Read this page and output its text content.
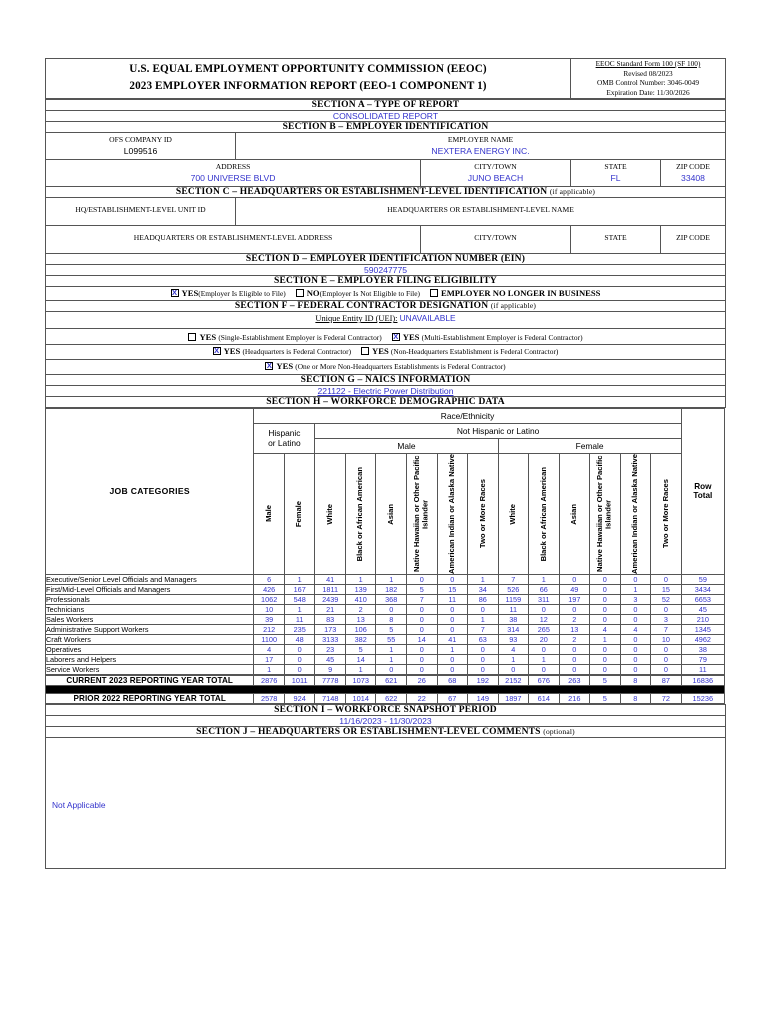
U.S. EQUAL EMPLOYMENT OPPORTUNITY COMMISSION (EEOC)
2023 EMPLOYER INFORMATION REPORT (EEO-1 COMPONENT 1)

EEOC Standard Form 100 (SF 100)
Revised 08/2023
OMB Control Number: 3046-0049
Expiration Date: 11/30/2026
SECTION A – TYPE OF REPORT				
CONSOLIDATED REPORT				
SECTION B – EMPLOYER IDENTIFICATION				

OFS COMPANY ID
L099516

EMPLOYER NAME
NEXTERA ENERGY INC.

ADDRESS
700 UNIVERSE BLVD

CITY/TOWN
JUNO BEACH

STATE
FL

ZIP CODE
33408

SECTION C – HEADQUARTERS OR ESTABLISHMENT-LEVEL IDENTIFICATION (if applicable)				

HQ/ESTABLISHMENT-LEVEL UNIT ID	HEADQUARTERS OR ESTABLISHMENT-LEVEL NAME			

HEADQUARTERS OR ESTABLISHMENT-LEVEL ADDRESS		CITY/TOWN	STATE	ZIP CODE

SECTION D – EMPLOYER IDENTIFICATION NUMBER (EIN)				
590247775				
SECTION E – EMPLOYER FILING ELIGIBILITY				
XYES(Employer Is Eligible to File) NO(Employer Is Not Eligible to File) EMPLOYER NO LONGER IN BUSINESS
SECTION F – FEDERAL CONTRACTOR DESIGNATION (if applicable)				
Unique Entity ID (UEI): UNAVAILABLE				
YES (Single-Establishment Employer is Federal Contractor) X YES (Multi-Establishment Employer is Federal Contractor)
XYES (Headquarters is Federal Contractor) YES (Non-Headquarters Establishment is Federal Contractor)
XYES (One or More Non-Headquarters Establishments is Federal Contractor)
SECTION G – NAICS INFORMATION				
221122 - Electric Power Distribution				
SECTION H – WORKFORCE DEMOGRAPHIC DATA				
JOB CATEGORIES	Race/Ethnicity														Row
Total
	Hispanic
or Latino		Not Hispanic or Latino												
			Male						Female						

	Male	Female	White	Black or African American	Asian	Native Hawaiian or Other Pacific Islander	American Indian or Alaska Native	Two or More Races	White	Black or African American	Asian	Native Hawaiian or Other Pacific Islander	American Indian or Alaska Native	Two or More Races	

Executive/Senior Level Officials and Managers	6	1	41	1	1	0	0	1	7	1	0	0	0	0	59
First/Mid-Level Officials and Managers	426	167	1811	139	182	5	15	34	526	66	49	0	1	15	3434
Professionals	1062	548	2439	410	368	7	11	86	1159	311	197	0	3	52	6653
Technicians	10	1	21	2	0	0	0	0	11	0	0	0	0	0	45
Sales Workers	39	11	83	13	8	0	0	1	38	12	2	0	0	3	210
Administrative Support Workers	212	235	173	106	5	0	0	7	314	265	13	4	4	7	1345
Craft Workers	1100	48	3133	382	55	14	41	63	93	20	2	1	0	10	4962
Operatives	4	0	23	5	1	0	1	0	4	0	0	0	0	0	38
Laborers and Helpers	17	0	45	14	1	0	0	0	1	1	0	0	0	0	79
Service Workers	1	0	9	1	0	0	0	0	0	0	0	0	0	0	11
CURRENT 2023 REPORTING YEAR TOTAL	2876	1011	7778	1073	621	26	68	192	2152	676	263	5	8	87	16836

PRIOR 2022 REPORTING YEAR TOTAL	2578	924	7148	1014	622	22	67	149	1897	614	216	5	8	72	15236
SECTION I – WORKFORCE SNAPSHOT PERIOD
11/16/2023 - 11/30/2023
SECTION J – HEADQUARTERS OR ESTABLISHMENT-LEVEL COMMENTS (optional)

Not Applicable
